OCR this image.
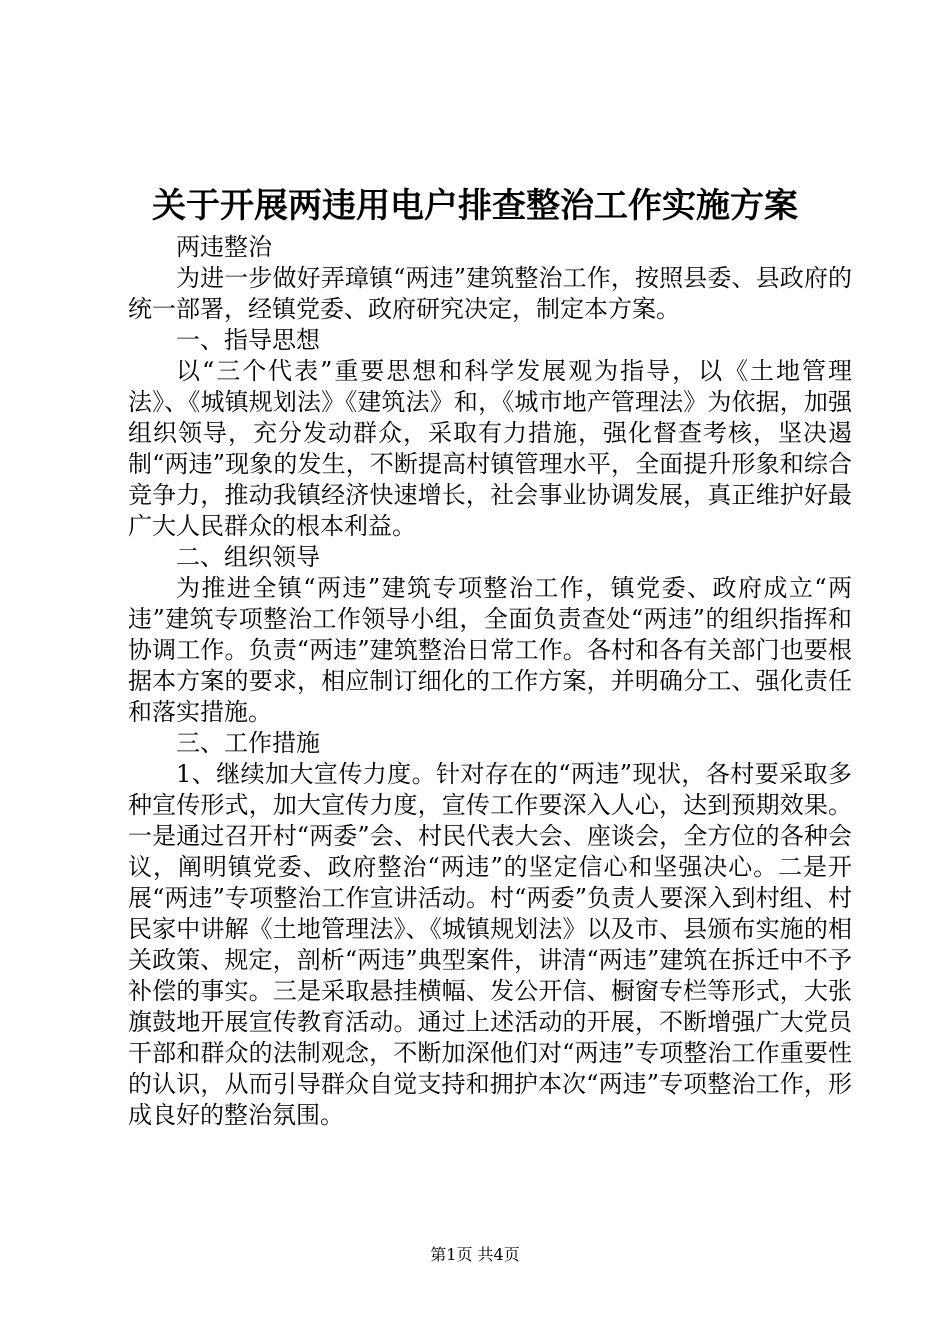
关于开展两违用电户排查整治工作实施方案

两违整治

为进一步做好弄璋镇“两违”建筑整治工作，按照县委、县政府的统一部署，经镇党委、政府研究决定，制定本方案。

一、指导思想

以“三个代表”重要思想和科学发展观为指导，以《土地管理法》、《城镇规划法》《建筑法》和，《城市地产管理法》为依据，加强组织领导，充分发动群众，采取有力措施，强化督查考核，坚决遏制“两违”现象的发生，不断提高村镇管理水平，全面提升形象和综合竞争力，推动我镇经济快速增长，社会事业协调发展，真正维护好最广大人民群众的根本利益。

二、组织领导

为推进全镇“两违”建筑专项整治工作，镇党委、政府成立“两违”建筑专项整治工作领导小组，全面负责查处“两违”的组织指挥和协调工作。负责“两违”建筑整治日常工作。各村和各有关部门也要根据本方案的要求，相应制订细化的工作方案，并明确分工、强化责任和落实措施。

三、工作措施

1、继续加大宣传力度。针对存在的“两违”现状，各村要采取多种宣传形式，加大宣传力度，宣传工作要深入人心，达到预期效果。一是通过召开村“两委”会、村民代表大会、座谈会，全方位的各种会议，阐明镇党委、政府整治“两违”的坚定信心和坚强决心。二是开展“两违”专项整治工作宣讲活动。村“两委”负责人要深入到村组、村民家中讲解《土地管理法》、《城镇规划法》以及市、县颁布实施的相关政策、规定，剖析“两违”典型案件，讲清“两违”建筑在拆迁中不予补偿的事实。三是采取悬挂横幅、发公开信、橱窗专栏等形式，大张旗鼓地开展宣传教育活动。通过上述活动的开展，不断增强广大党员干部和群众的法制观念，不断加深他们对“两违”专项整治工作重要性的认识，从而引导群众自觉支持和拥护本次“两违”专项整治工作，形成良好的整治氛围。

第1页 共4页
